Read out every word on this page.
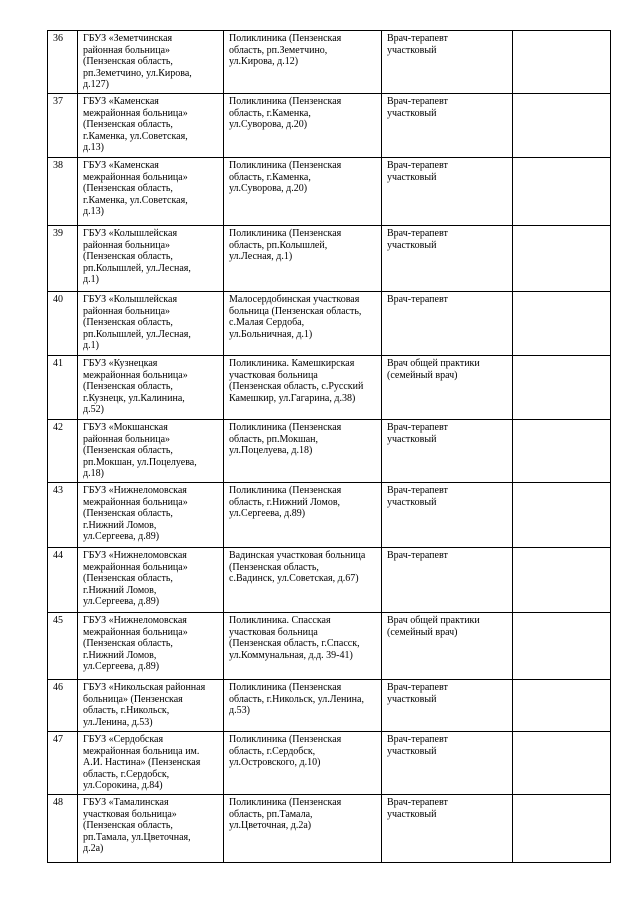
36	ГБУЗ «Земетчинская
районная больница»
(Пензенская область,
рп.Земетчино, ул.Кирова,
д.127)	Поликлиника (Пензенская
область, рп.Земетчино,
ул.Кирова, д.12)	Врач-терапевт
участковый	
37	ГБУЗ «Каменская
межрайонная больница»
(Пензенская область,
г.Каменка, ул.Советская,
д.13)	Поликлиника (Пензенская
область, г.Каменка,
ул.Суворова, д.20)	Врач-терапевт
участковый	
38	ГБУЗ «Каменская
межрайонная больница»
(Пензенская область,
г.Каменка, ул.Советская,
д.13)	Поликлиника (Пензенская
область, г.Каменка,
ул.Суворова, д.20)	Врач-терапевт
участковый	
39	ГБУЗ «Колышлейская
районная больница»
(Пензенская область,
рп.Колышлей, ул.Лесная,
д.1)	Поликлиника (Пензенская
область, рп.Колышлей,
ул.Лесная, д.1)	Врач-терапевт
участковый	
40	ГБУЗ «Колышлейская
районная больница»
(Пензенская область,
рп.Колышлей, ул.Лесная,
д.1)	Малосердобинская участковая
больница (Пензенская область,
с.Малая Сердоба,
ул.Больничная, д.1)	Врач-терапевт	
41	ГБУЗ «Кузнецкая
межрайонная больница»
(Пензенская область,
г.Кузнецк, ул.Калинина,
д.52)	Поликлиника. Камешкирская
участковая больница
(Пензенская область, с.Русский
Камешкир, ул.Гагарина, д.38)	Врач общей практики
(семейный врач)	
42	ГБУЗ «Мокшанская
районная больница»
(Пензенская область,
рп.Мокшан, ул.Поцелуева,
д.18)	Поликлиника (Пензенская
область, рп.Мокшан,
ул.Поцелуева, д.18)	Врач-терапевт
участковый	
43	ГБУЗ «Нижнеломовская
межрайонная больница»
(Пензенская область,
г.Нижний Ломов,
ул.Сергеева, д.89)	Поликлиника (Пензенская
область, г.Нижний Ломов,
ул.Сергеева, д.89)	Врач-терапевт
участковый	
44	ГБУЗ «Нижнеломовская
межрайонная больница»
(Пензенская область,
г.Нижний Ломов,
ул.Сергеева, д.89)	Вадинская участковая больница
(Пензенская область,
с.Вадинск, ул.Советская, д.67)	Врач-терапевт	
45	ГБУЗ «Нижнеломовская
межрайонная больница»
(Пензенская область,
г.Нижний Ломов,
ул.Сергеева, д.89)	Поликлиника. Спасская
участковая больница
(Пензенская область, г.Спасск,
ул.Коммунальная, д.д. 39-41)	Врач общей практики
(семейный врач)	
46	ГБУЗ «Никольская районная
больница» (Пензенская
область, г.Никольск,
ул.Ленина, д.53)	Поликлиника (Пензенская
область, г.Никольск, ул.Ленина,
д.53)	Врач-терапевт
участковый	
47	ГБУЗ «Сердобская
межрайонная больница им.
А.И. Настина» (Пензенская
область, г.Сердобск,
ул.Сорокина, д.84)	Поликлиника (Пензенская
область, г.Сердобск,
ул.Островского, д.10)	Врач-терапевт
участковый	
48	ГБУЗ «Тамалинская
участковая больница»
(Пензенская область,
рп.Тамала, ул.Цветочная,
д.2а)	Поликлиника (Пензенская
область, рп.Тамала,
ул.Цветочная, д.2а)	Врач-терапевт
участковый	
